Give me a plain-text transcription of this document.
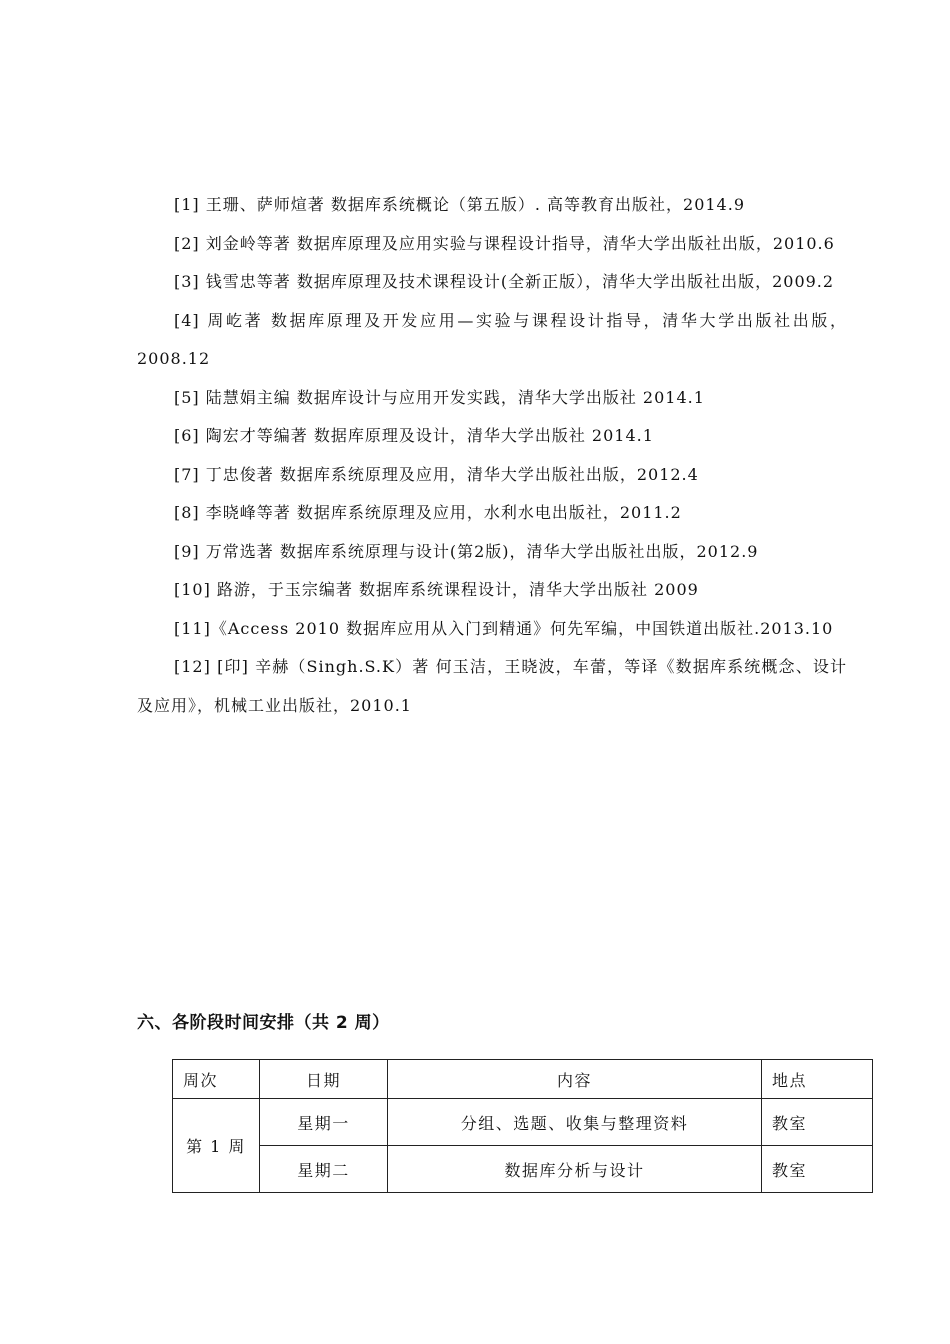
[1] 王珊、萨师煊著 数据库系统概论（第五版）. 高等教育出版社，2014.9

[2] 刘金岭等著 数据库原理及应用实验与课程设计指导，清华大学出版社出版，2010.6

[3] 钱雪忠等著 数据库原理及技术课程设计(全新正版），清华大学出版社出版，2009.2

[4] 周屹著 数据库原理及开发应用—实验与课程设计指导，清华大学出版社出版，2008.12

[5] 陆慧娟主编 数据库设计与应用开发实践，清华大学出版社 2014.1

[6] 陶宏才等编著 数据库原理及设计，清华大学出版社 2014.1

[7] 丁忠俊著 数据库系统原理及应用，清华大学出版社出版，2012.4

[8] 李晓峰等著 数据库系统原理及应用，水利水电出版社，2011.2

[9] 万常选著 数据库系统原理与设计(第2版)，清华大学出版社出版，2012.9

[10] 路游，于玉宗编著 数据库系统课程设计，清华大学出版社 2009

[11]《Access 2010 数据库应用从入门到精通》何先军编，中国铁道出版社.2013.10

[12] [印] 辛赫（Singh.S.K）著 何玉洁，王晓波，车蕾，等译《数据库系统概念、设计及应用》，机械工业出版社，2010.1

六、各阶段时间安排（共 2 周）
周次	日期	内容	地点
第 1 周	星期一	分组、选题、收集与整理资料	教室
	星期二	数据库分析与设计	教室
